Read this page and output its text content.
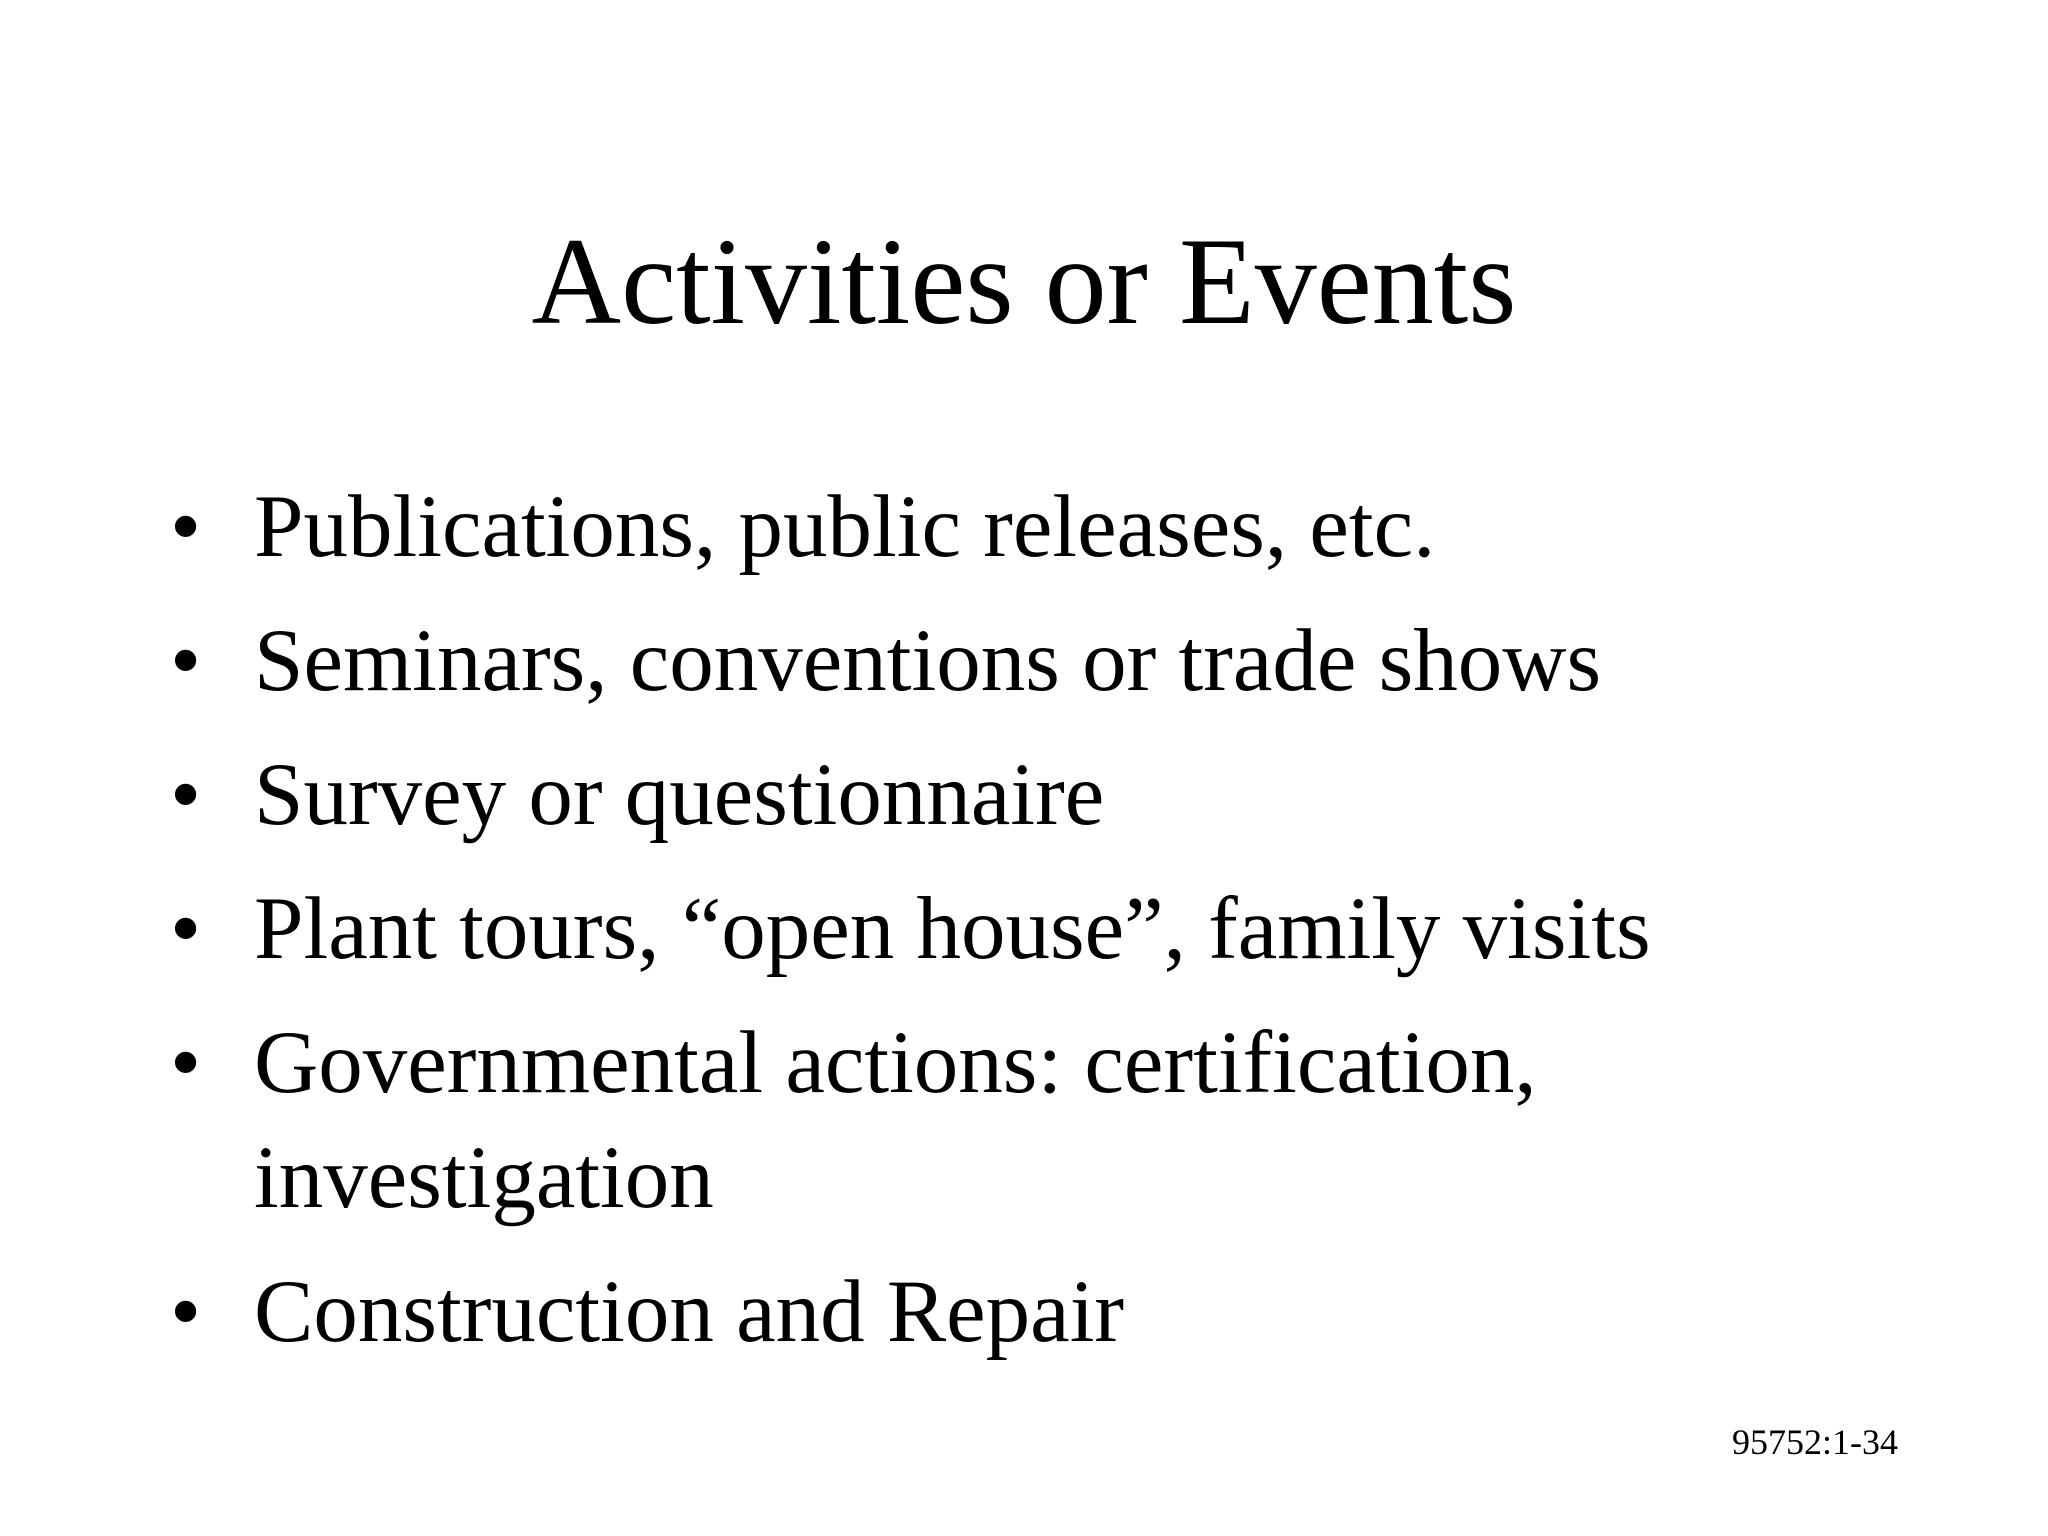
Activities or Events
• Publications, public releases, etc.
• Seminars, conventions or trade shows
• Survey or questionnaire
• Plant tours, “open house”, family visits
• Governmental actions: certification, investigation
• Construction and Repair
95752:1-34
